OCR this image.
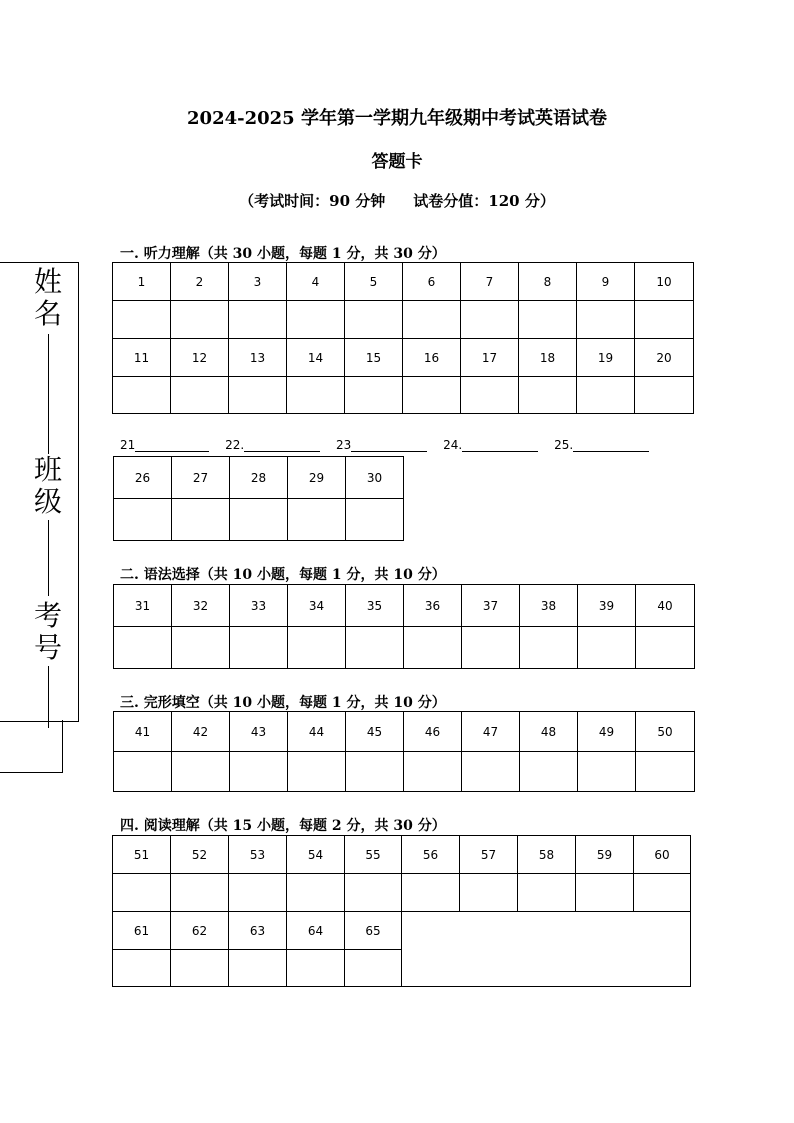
2024-2025 学年第一学期九年级期中考试英语试卷
答题卡
（考试时间：90 分钟 试卷分值：120 分）
姓
名
班
级
考
号
一. 听力理解（共 30 小题，每题 1 分，共 30 分）
1	2	3	4	5	6	7	8	9	10

11	12	13	14	15	16	17	18	19	20

21	22.	23	24.	25.
26	27	28	29	30

二. 语法选择（共 10 小题，每题 1 分，共 10 分）
31	32	33	34	35	36	37	38	39	40

三. 完形填空（共 10 小题，每题 1 分，共 10 分）
41	42	43	44	45	46	47	48	49	50

四. 阅读理解（共 15 小题，每题 2 分，共 30 分）
51	52	53	54	55	56	57	58	59	60

61	62	63	64	65					
